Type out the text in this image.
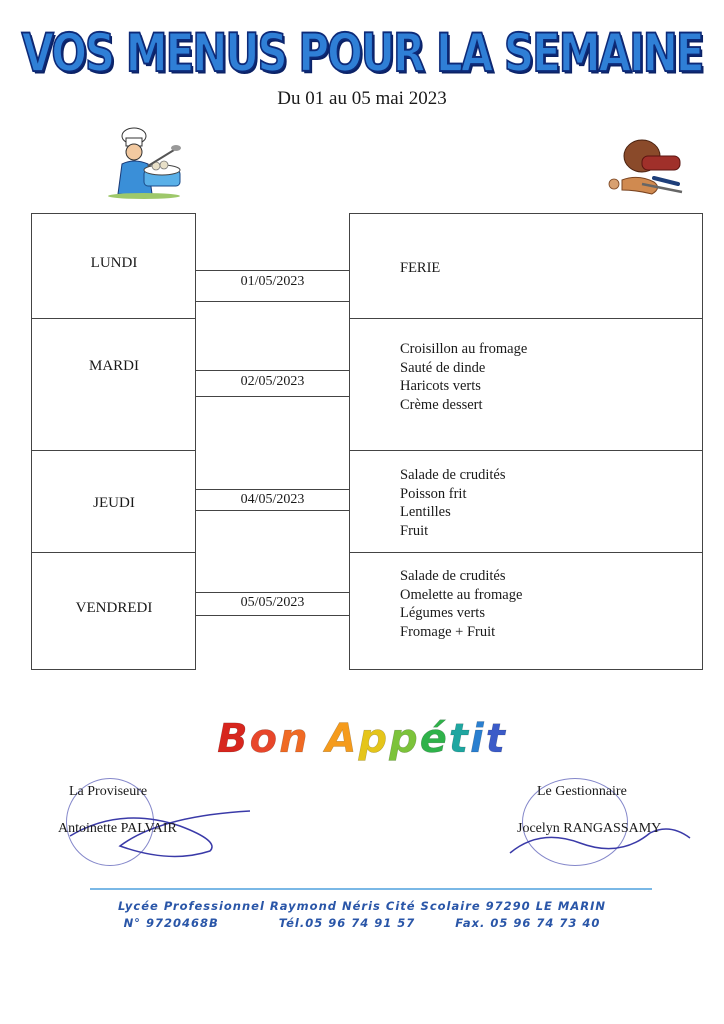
VOS MENUS POUR LA SEMAINE
Du 01 au 05 mai 2023
LUNDI
MARDI
JEUDI
VENDREDI
01/05/2023
02/05/2023
04/05/2023
05/05/2023
FERIE
Croisillon au fromage
Sauté de dinde
Haricots verts
Crème dessert
Salade de crudités
Poisson frit
Lentilles
Fruit
Salade de crudités
Omelette au fromage
Légumes verts
Fromage + Fruit
Bon Appétit
La Proviseure
Antoinette PALVAIR
Le Gestionnaire
Jocelyn RANGASSAMY
Lycée Professionnel Raymond Néris Cité Scolaire 97290 LE MARIN
N° 9720468B	Tél.05 96 74 91 57	Fax. 05 96 74 73 40
